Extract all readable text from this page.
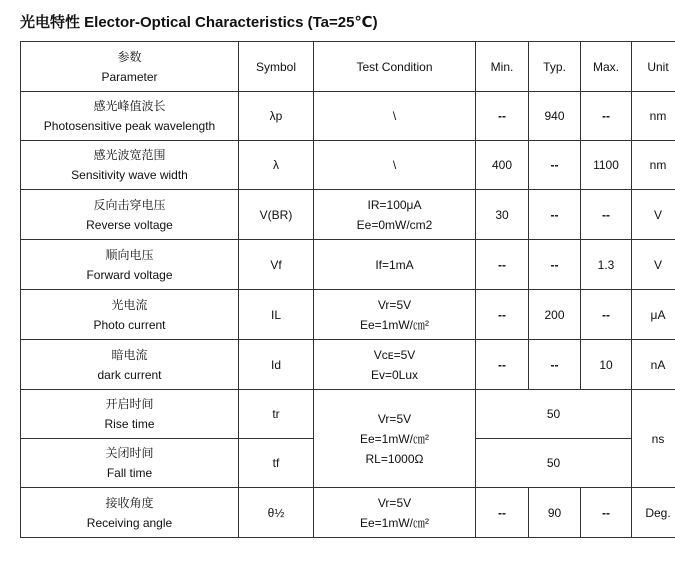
光电特性 Elector-Optical Characteristics (Ta=25℃)
参数
Parameter	Symbol	Test Condition	Min.	Typ.	Max.	Unit

感光峰值波长
Photosensitive peak wavelength	λp	\	--	940	--	nm

感光波宽范围
Sensitivity wave width	λ	\	400	--	1100	nm

反向击穿电压
Reverse voltage	V(BR)	IR=100μA
Ee=0mW/cm2	30	--	--	V

顺向电压
Forward voltage	Vf	If=1mA	--	--	1.3	V

光电流
Photo current	IL	Vr=5V
Ee=1mW/㎝²	--	200	--	μA

暗电流
dark current	Id	Vᴄᴇ=5V
Ev=0Lux	--	--	10	nA

开启时间
Rise time	tr	Vr=5V
Ee=1mW/㎝²
RL=1000Ω	50			ns

关闭时间
Fall time	tf		50			

接收角度
Receiving angle	θ½	Vr=5V
Ee=1mW/㎝²	--	90	--	Deg.
